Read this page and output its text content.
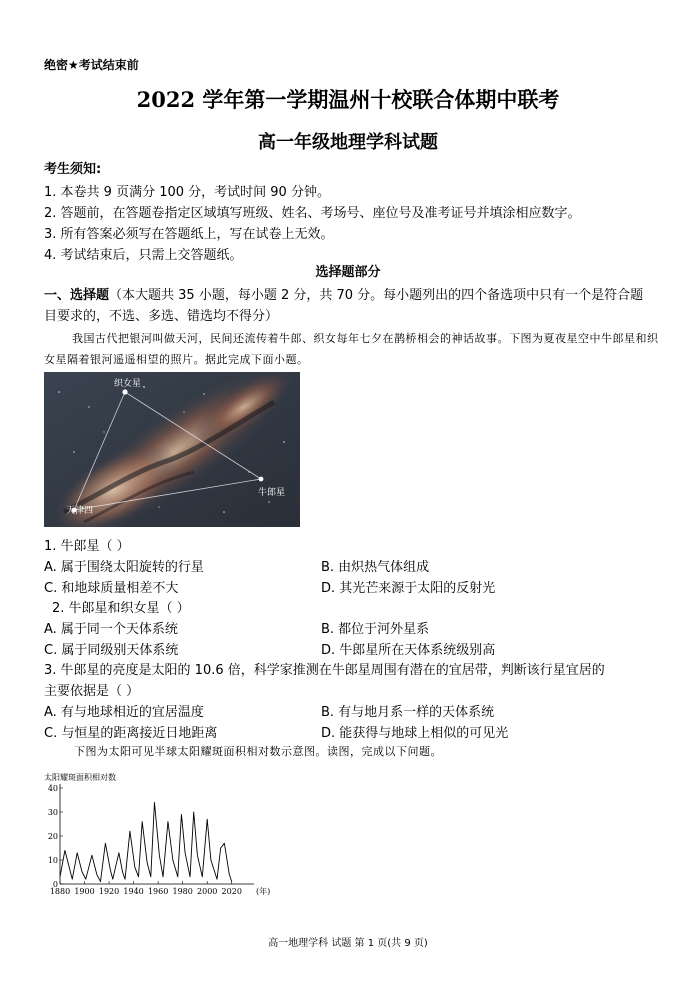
绝密★考试结束前
2022 学年第一学期温州十校联合体期中联考
高一年级地理学科试题
考生须知:
1. 本卷共 9 页满分 100 分，考试时间 90 分钟。
2. 答题前，在答题卷指定区域填写班级、姓名、考场号、座位号及准考证号并填涂相应数字。
3. 所有答案必须写在答题纸上，写在试卷上无效。
4. 考试结束后，只需上交答题纸。
选择题部分
一、选择题（本大题共 35 小题，每小题 2 分，共 70 分。每小题列出的四个备选项中只有一个是符合题目要求的，不选、多选、错选均不得分）
我国古代把银河叫做天河，民间还流传着牛郎、织女每年七夕在鹊桥相会的神话故事。下图为夏夜星空中牛郎星和织女星隔着银河遥遥相望的照片。据此完成下面小题。
织女星
牛郎星
天津四
1. 牛郎星（ ）
A. 属于围绕太阳旋转的行星	B. 由炽热气体组成
C. 和地球质量相差不大	D. 其光芒来源于太阳的反射光
2. 牛郎星和织女星（ ）
A. 属于同一个天体系统	B. 都位于河外星系
C. 属于同级别天体系统	D. 牛郎星所在天体系统级别高
3. 牛郎星的亮度是太阳的 10.6 倍，科学家推测在牛郎星周围有潜在的宜居带，判断该行星宜居的
主要依据是（ ）
A. 有与地球相近的宜居温度	B. 有与地月系一样的天体系统
C. 与恒星的距离接近日地距离	D. 能获得与地球上相似的可见光
下图为太阳可见半球太阳耀斑面积相对数示意图。读图，完成以下问题。
太阳耀斑面积相对数
0
10
20
30
40
1880 1900 1920 1940 1960 1980 2000 2020 (年)
高一地理学科 试题 第 1 页(共 9 页)
